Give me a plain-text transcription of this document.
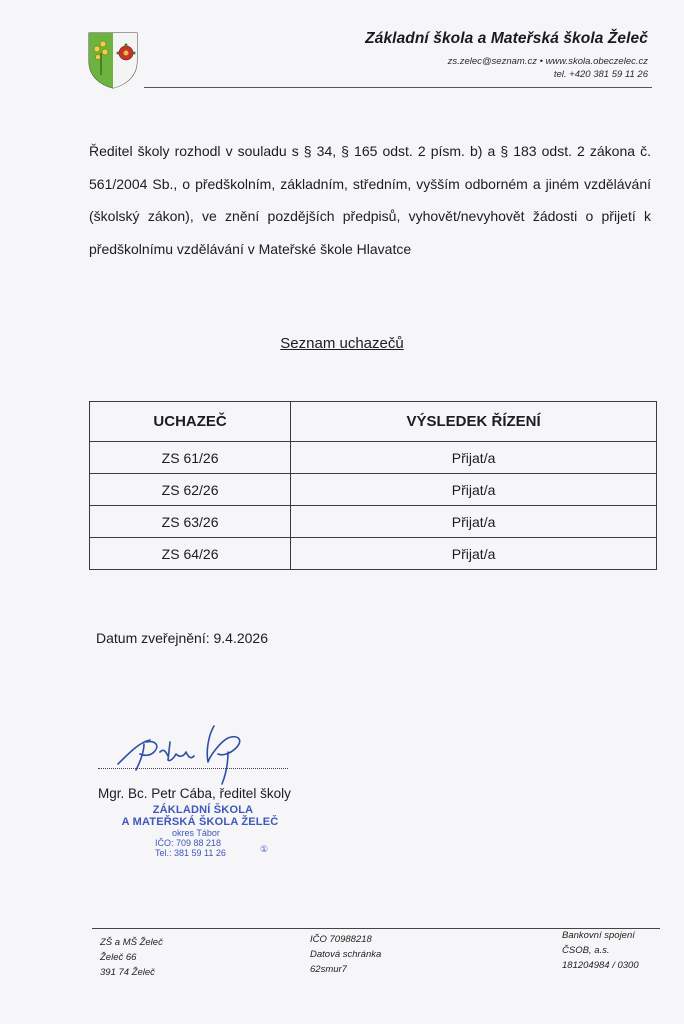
Základní škola a Mateřská škola Želeč
zs.zelec@seznam.cz • www.skola.obeczelec.cz
tel. +420 381 59 11 26
Ředitel školy rozhodl v souladu s § 34, § 165 odst. 2 písm. b) a § 183 odst. 2 zákona č. 561/2004 Sb., o předškolním, základním, středním, vyšším odborném a jiném vzdělávání (školský zákon), ve znění pozdějších předpisů, vyhovět/nevyhovět žádosti o přijetí k předškolnímu vzdělávání v Mateřské škole Hlavatce
Seznam uchazečů
UCHAZEČ	VÝSLEDEK ŘÍZENÍ
ZS 61/26	Přijat/a
ZS 62/26	Přijat/a
ZS 63/26	Přijat/a
ZS 64/26	Přijat/a
Datum zveřejnění: 9.4.2026
Mgr. Bc. Petr Cába, ředitel školy
ZÁKLADNÍ ŠKOLA
A MATEŘSKÁ ŠKOLA ŽELEČ
okres Tábor
IČO: 709 88 218
Tel.: 381 59 11 26	①
ZŠ a MŠ Želeč
Želeč 66
391 74 Želeč
IČO 70988218
Datová schránka
62smur7
Bankovní spojení
ČSOB, a.s.
181204984 / 0300
